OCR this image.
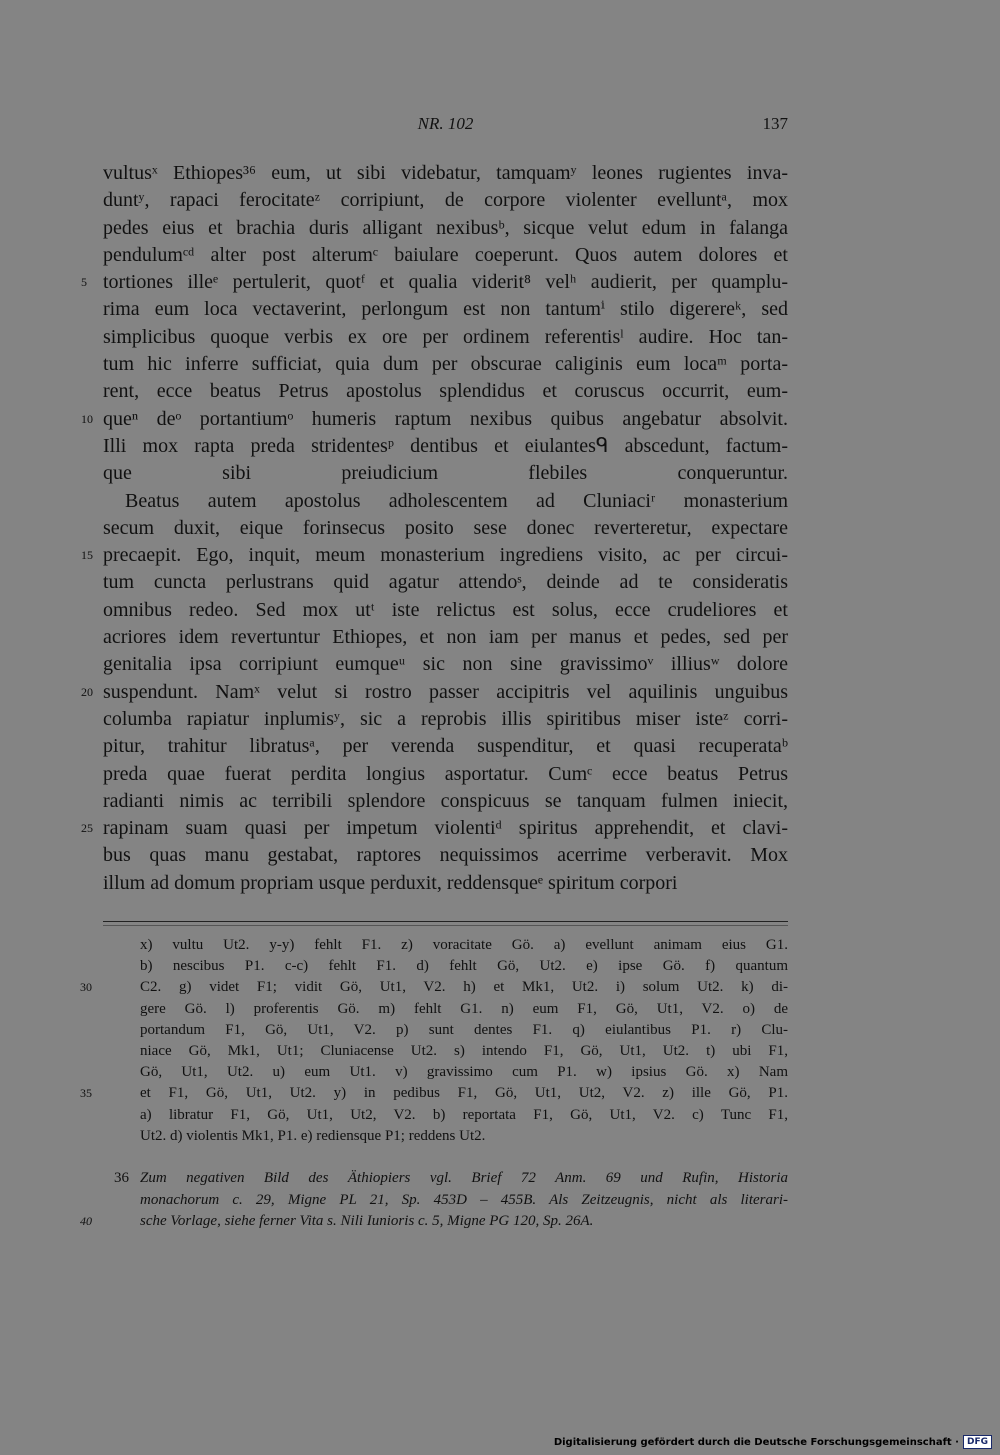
NR. 102	137
vultusˣ Ethiopes³⁶ eum, ut sibi videbatur, tamquamʸ leones rugientes inva-
duntʸ, rapaci ferocitateᶻ corripiunt, de corpore violenter evelluntᵃ, mox
pedes eius et brachia duris alligant nexibusᵇ, sicque velut edum in falanga
pendulumᶜᵈ alter post alterumᶜ baiulare coeperunt. Quos autem dolores et
5 tortiones illeᵉ pertulerit, quotᶠ et qualia viderit⁸ velʰ audierit, per quamplu-
rima eum loca vectaverint, perlongum est non tantumⁱ stilo digerereᵏ, sed
simplicibus quoque verbis ex ore per ordinem referentisˡ audire. Hoc tan-
tum hic inferre sufficiat, quia dum per obscurae caliginis eum locaᵐ porta-
rent, ecce beatus Petrus apostolus splendidus et coruscus occurrit, eum-
10 queⁿ deᵒ portantiumᵒ humeris raptum nexibus quibus angebatur absolvit.
Illi mox rapta preda stridentesᵖ dentibus et eiulantesᑫ abscedunt, factum-
que sibi preiudicium flebiles conqueruntur.
Beatus autem apostolus adholescentem ad Cluniaciʳ monasterium
secum duxit, eique forinsecus posito sese donec reverteretur, expectare
15 precaepit. Ego, inquit, meum monasterium ingrediens visito, ac per circui-
tum cuncta perlustrans quid agatur attendoˢ, deinde ad te consideratis
omnibus redeo. Sed mox utᵗ iste relictus est solus, ecce crudeliores et
acriores idem revertuntur Ethiopes, et non iam per manus et pedes, sed per
genitalia ipsa corripiunt eumqueᵘ sic non sine gravissimoᵛ illiusʷ dolore
20 suspendunt. Namˣ velut si rostro passer accipitris vel aquilinis unguibus
columba rapiatur inplumisʸ, sic a reprobis illis spiritibus miser isteᶻ corri-
pitur, trahitur libratusᵃ, per verenda suspenditur, et quasi recuperataᵇ
preda quae fuerat perdita longius asportatur. Cumᶜ ecce beatus Petrus
radianti nimis ac terribili splendore conspicuus se tanquam fulmen iniecit,
25 rapinam suam quasi per impetum violentiᵈ spiritus apprehendit, et clavi-
bus quas manu gestabat, raptores nequissimos acerrime verberavit. Mox
illum ad domum propriam usque perduxit, reddensqueᵉ spiritum corpori
x) vultu Ut2. y-y) fehlt F1. z) voracitate Gö. a) evellunt animam eius G1.
b) nescibus P1. c-c) fehlt F1. d) fehlt Gö, Ut2. e) ipse Gö. f) quantum
30	C2. g) videt F1; vidit Gö, Ut1, V2. h) et Mk1, Ut2. i) solum Ut2. k) di-
gere Gö. l) proferentis Gö. m) fehlt G1. n) eum F1, Gö, Ut1, V2. o) de
portandum F1, Gö, Ut1, V2. p) sunt dentes F1. q) eiulantibus P1. r) Clu-
niace Gö, Mk1, Ut1; Cluniacense Ut2. s) intendo F1, Gö, Ut1, Ut2. t) ubi F1,
Gö, Ut1, Ut2. u) eum Ut1. v) gravissimo cum P1. w) ipsius Gö. x) Nam
35	et F1, Gö, Ut1, Ut2. y) in pedibus F1, Gö, Ut1, Ut2, V2. z) ille Gö, P1.
a) libratur F1, Gö, Ut1, Ut2, V2. b) reportata F1, Gö, Ut1, V2. c) Tunc F1,
Ut2. d) violentis Mk1, P1. e) rediensque P1; reddens Ut2.
36 Zum negativen Bild des Äthiopiers vgl. Brief 72 Anm. 69 und Rufin, Historia
monachorum c. 29, Migne PL 21, Sp. 453D – 455B. Als Zeitzeugnis, nicht als literari-
40	sche Vorlage, siehe ferner Vita s. Nili Iunioris c. 5, Migne PG 120, Sp. 26A.
Digitalisierung gefördert durch die Deutsche Forschungsgemeinschaft · DFG
